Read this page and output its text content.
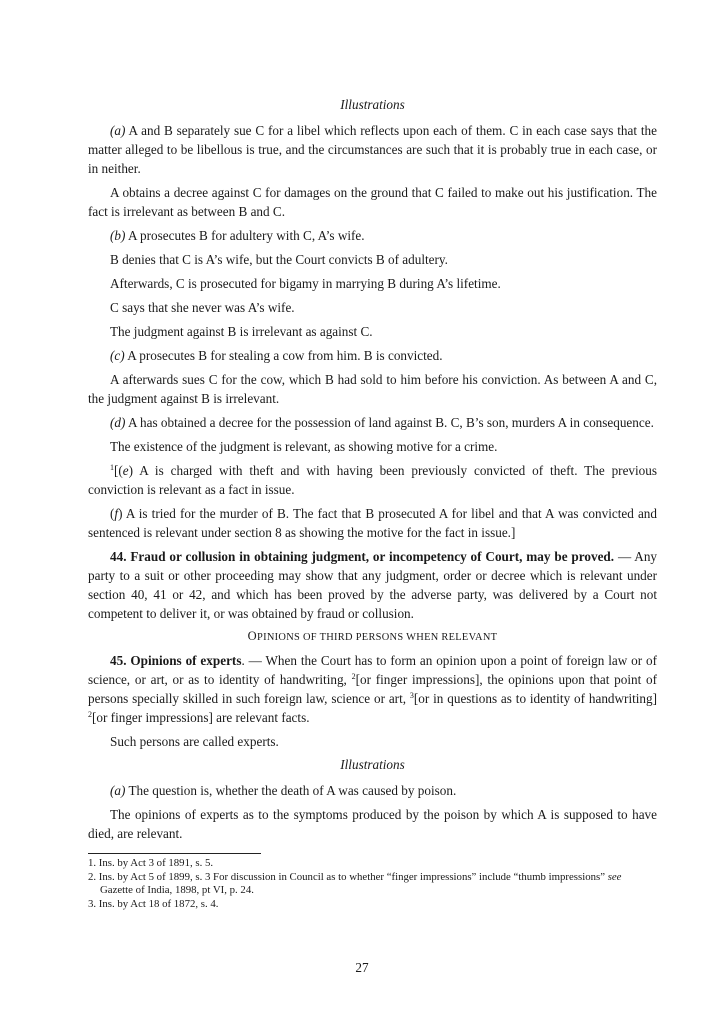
Illustrations

(a) A and B separately sue C for a libel which reflects upon each of them. C in each case says that the matter alleged to be libellous is true, and the circumstances are such that it is probably true in each case, or in neither.

A obtains a decree against C for damages on the ground that C failed to make out his justification. The fact is irrelevant as between B and C.

(b) A prosecutes B for adultery with C, A’s wife.

B denies that C is A’s wife, but the Court convicts B of adultery.

Afterwards, C is prosecuted for bigamy in marrying B during A’s lifetime.

C says that she never was A’s wife.

The judgment against B is irrelevant as against C.

(c) A prosecutes B for stealing a cow from him. B is convicted.

A afterwards sues C for the cow, which B had sold to him before his conviction. As between A and C, the judgment against B is irrelevant.

(d) A has obtained a decree for the possession of land against B. C, B’s son, murders A in consequence.

The existence of the judgment is relevant, as showing motive for a crime.

$^1$[(e) A is charged with theft and with having been previously convicted of theft. The previous conviction is relevant as a fact in issue.

(f) A is tried for the murder of B. The fact that B prosecuted A for libel and that A was convicted and sentenced is relevant under section 8 as showing the motive for the fact in issue.]

44. Fraud or collusion in obtaining judgment, or incompetency of Court, may be proved. — Any party to a suit or other proceeding may show that any judgment, order or decree which is relevant under section 40, 41 or 42, and which has been proved by the adverse party, was delivered by a Court not competent to deliver it, or was obtained by fraud or collusion.

OPINIONS OF THIRD PERSONS WHEN RELEVANT

45. Opinions of experts. — When the Court has to form an opinion upon a point of foreign law or of science, or art, or as to identity of handwriting, $^2$[or finger impressions], the opinions upon that point of persons specially skilled in such foreign law, science or art, $^3$[or in questions as to identity of handwriting] $^2$[or finger impressions] are relevant facts.

Such persons are called experts.

Illustrations

(a) The question is, whether the death of A was caused by poison.

The opinions of experts as to the symptoms produced by the poison by which A is supposed to have died, are relevant.

1. Ins. by Act 3 of 1891, s. 5.

2. Ins. by Act 5 of 1899, s. 3 For discussion in Council as to whether “finger impressions” include “thumb impressions” see Gazette of India, 1898, pt VI, p. 24.

3. Ins. by Act 18 of 1872, s. 4.

27
